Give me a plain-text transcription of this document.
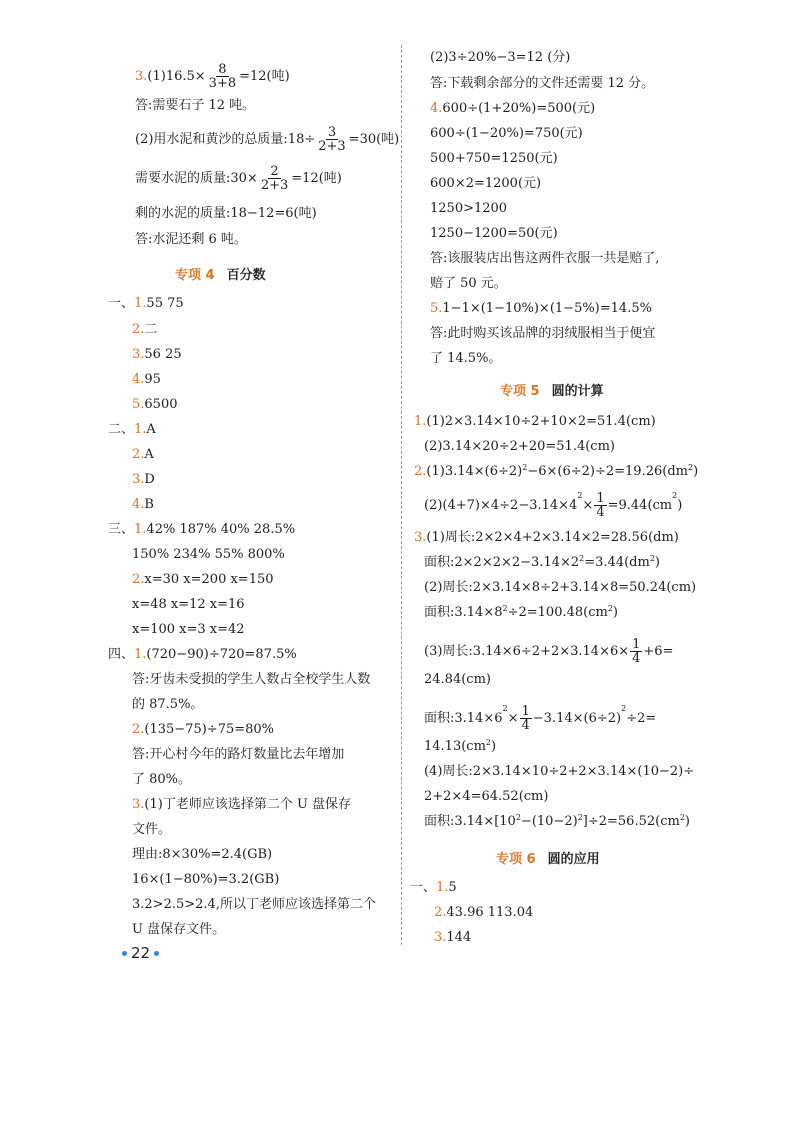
$3.(1)16.5\times \frac{8}{3+8} =12$(吨)
答:需要石子 12 吨。
(2)用水泥和黄沙的总质量:18÷ $\frac{3}{2+3} =30$(吨)
需要水泥的质量:30× $\frac{2}{2+3} =12$(吨)
剩的水泥的质量:18−12=6(吨)
答:水泥还剩 6 吨。
专项 4 百分数
一、1.55 75
2.二
3.56 25
4.95
5.6500
二、1.A
2.A
3.D
4.B
三、1.42% 187% 40% 28.5%
150% 234% 55% 800%
2.x=30 x=200 x=150
x=48 x=12 x=16
x=100 x=3 x=42
四、1.(720−90)÷720=87.5%
答:牙齿未受损的学生人数占全校学生人数
的 87.5%。
2.(135−75)÷75=80%
答:开心村今年的路灯数量比去年增加
了 80%。
3.(1)丁老师应该选择第二个 U 盘保存
文件。
理由:8×30%=2.4(GB)
16×(1−80%)=3.2(GB)
3.2>2.5>2.4,所以丁老师应该选择第二个
U 盘保存文件。
22
(2)3÷20%−3=12 (分)
答:下载剩余部分的文件还需要 12 分。
4.600÷(1+20%)=500(元)
600÷(1−20%)=750(元)
500+750=1250(元)
600×2=1200(元)
1250>1200
1250−1200=50(元)
答:该服装店出售这两件衣服一共是赔了,
赔了 50 元。
5.1−1×(1−10%)×(1−5%)=14.5%
答:此时购买该品牌的羽绒服相当于便宜
了 14.5%。
专项 5 圆的计算
1.(1)2×3.14×10÷2+10×2=51.4(cm)
(2)3.14×20÷2+20=51.4(cm)
$2.(1)3.14\times(6\div 2)^2-6\times(6\div 2)\div 2=19.26(dm^2)$
$(2)(4+7)\times 4\div 2-3.14\times 4^2\times \frac{1}{4} =9.44(cm^2)$
3.(1)周长:2×2×4+2×3.14×2=28.56(dm)
面积$:2\times 2\times 2\times 2-3.14\times 2^2=3.44(dm^2)$
(2)周长:2×3.14×8÷2+3.14×8=50.24(cm)
面积$:3.14\times 8^2\div 2=100.48(cm^2)$
(3)周长:3.14×6÷2+2×3.14×6× $\frac{1}{4} +6=$
24.84(cm)
面积$:3.14\times 6^2\times \frac{1}{4} -3.14\times(6\div 2)^2\div 2=$
$14.13(cm^2)$
(4)周长:2×3.14×10÷2+2×3.14×(10−2)÷
2+2×4=64.52(cm)
面积$:3.14\times[10^2-(10-2)^2]\div 2=56.52(cm^2)$
专项 6 圆的应用
一、1.5
2.43.96 113.04
3.144
